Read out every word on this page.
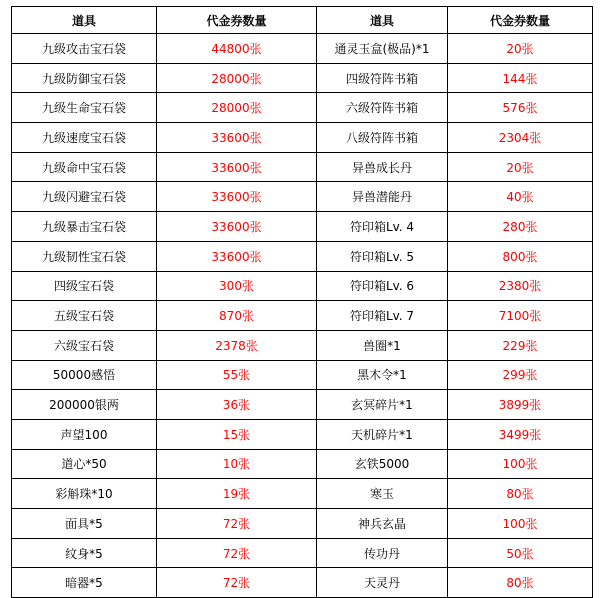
道具	代金券数量	道具	代金券数量
九级攻击宝石袋	44800张	通灵玉盒(极品)*1	20张
九级防御宝石袋	28000张	四级符阵书箱	144张
九级生命宝石袋	28000张	六级符阵书箱	576张
九级速度宝石袋	33600张	八级符阵书箱	2304张
九级命中宝石袋	33600张	异兽成长丹	20张
九级闪避宝石袋	33600张	异兽潜能丹	40张
九级暴击宝石袋	33600张	符印箱Lv. 4	280张
九级韧性宝石袋	33600张	符印箱Lv. 5	800张
四级宝石袋	300张	符印箱Lv. 6	2380张
五级宝石袋	870张	符印箱Lv. 7	7100张
六级宝石袋	2378张	兽圈*1	229张
50000感悟	55张	黑木令*1	299张
200000银两	36张	玄冥碎片*1	3899张
声望100	15张	天机碎片*1	3499张
道心*50	10张	玄铁5000	100张
彩斛珠*10	19张	寒玉	80张
面具*5	72张	神兵玄晶	100张
纹身*5	72张	传功丹	50张
暗器*5	72张	天灵丹	80张
